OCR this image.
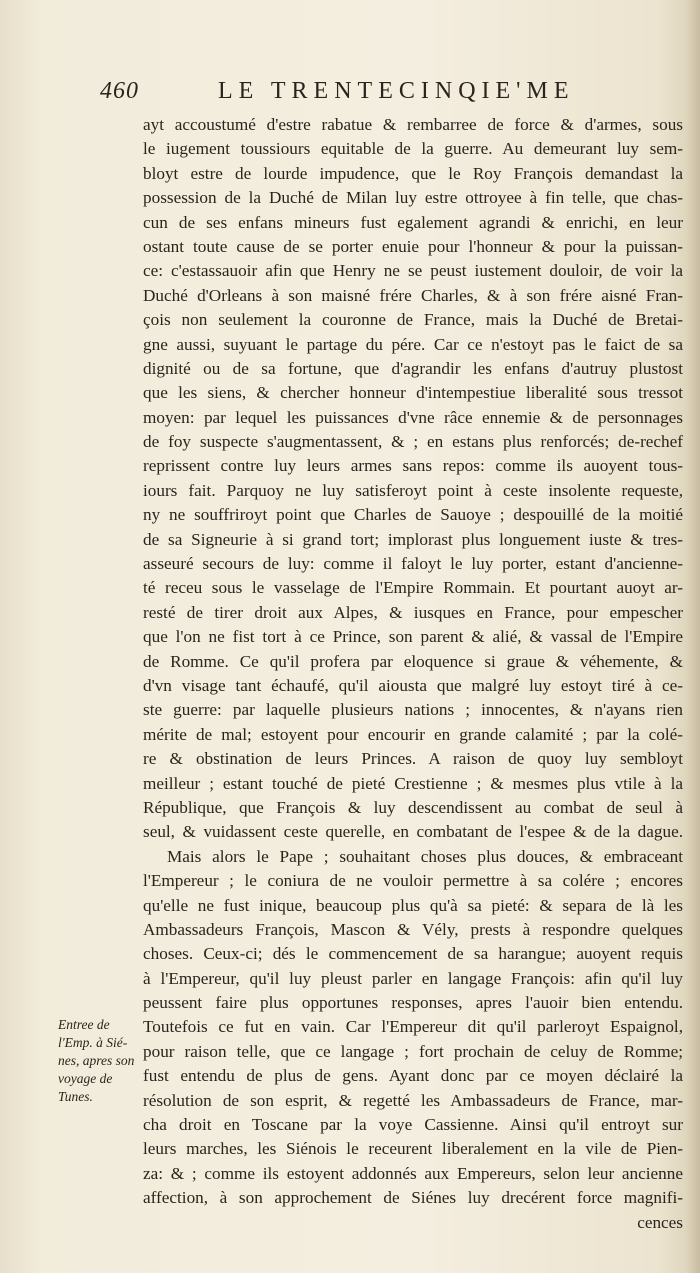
460	LE TRENTECINQIE'ME
ayt accoustumé d'estre rabatue & rembarree de force & d'armes, sous
le iugement toussiours equitable de la guerre. Au demeurant luy sem-
bloyt estre de lourde impudence, que le Roy François demandast la
possession de la Duché de Milan luy estre ottroyee à fin telle, que chas-
cun de ses enfans mineurs fust egalement agrandi & enrichi, en leur
ostant toute cause de se porter enuie pour l'honneur & pour la puissan-
ce: c'estassauoir afin que Henry ne se peust iustement douloir, de voir la
Duché d'Orleans à son maisné frére Charles, & à son frére aisné Fran-
çois non seulement la couronne de France, mais la Duché de Bretai-
gne aussi, suyuant le partage du pére. Car ce n'estoyt pas le faict de sa
dignité ou de sa fortune, que d'agrandir les enfans d'autruy plustost
que les siens, & chercher honneur d'intempestiue liberalité sous tressot
moyen: par lequel les puissances d'vne râce ennemie & de personnages
de foy suspecte s'augmentassent, & ; en estans plus renforcés; de-rechef
reprissent contre luy leurs armes sans repos: comme ils auoyent tous-
iours fait. Parquoy ne luy satisferoyt point à ceste insolente requeste,
ny ne souffriroyt point que Charles de Sauoye ; despouillé de la moitié
de sa Signeurie à si grand tort; implorast plus longuement iuste & tres-
asseuré secours de luy: comme il faloyt le luy porter, estant d'ancienne-
té receu sous le vasselage de l'Empire Rommain. Et pourtant auoyt ar-
resté de tirer droit aux Alpes, & iusques en France, pour empescher
que l'on ne fist tort à ce Prince, son parent & alié, & vassal de l'Empire
de Romme. Ce qu'il profera par eloquence si graue & véhemente, &
d'vn visage tant échaufé, qu'il aiousta que malgré luy estoyt tiré à ce-
ste guerre: par laquelle plusieurs nations ; innocentes, & n'ayans rien
mérite de mal; estoyent pour encourir en grande calamité ; par la colé-
re & obstination de leurs Princes. A raison de quoy luy sembloyt
meilleur ; estant touché de pieté Crestienne ; & mesmes plus vtile à la
République, que François & luy descendissent au combat de seul à
seul, & vuidassent ceste querelle, en combatant de l'espee & de la dague.
Mais alors le Pape ; souhaitant choses plus douces, & embraceant
l'Empereur ; le coniura de ne vouloir permettre à sa colére ; encores
qu'elle ne fust inique, beaucoup plus qu'à sa pieté: & separa de là les
Ambassadeurs François, Mascon & Vély, prests à respondre quelques
choses. Ceux-ci; dés le commencement de sa harangue; auoyent requis
à l'Empereur, qu'il luy pleust parler en langage François: afin qu'il luy
peussent faire plus opportunes responses, apres l'auoir bien entendu.
Toutefois ce fut en vain. Car l'Empereur dit qu'il parleroyt Espaignol,
pour raison telle, que ce langage ; fort prochain de celuy de Romme;
fust entendu de plus de gens. Ayant donc par ce moyen déclairé la
résolution de son esprit, & regetté les Ambassadeurs de France, mar-
cha droit en Toscane par la voye Cassienne. Ainsi qu'il entroyt sur
leurs marches, les Siénois le receurent liberalement en la vile de Pien-
za: & ; comme ils estoyent addonnés aux Empereurs, selon leur ancienne
affection, à son approchement de Siénes luy drecérent force magnifi-
cences
Entree de
l'Emp. à Sié-
nes, apres son
voyage de
Tunes.
